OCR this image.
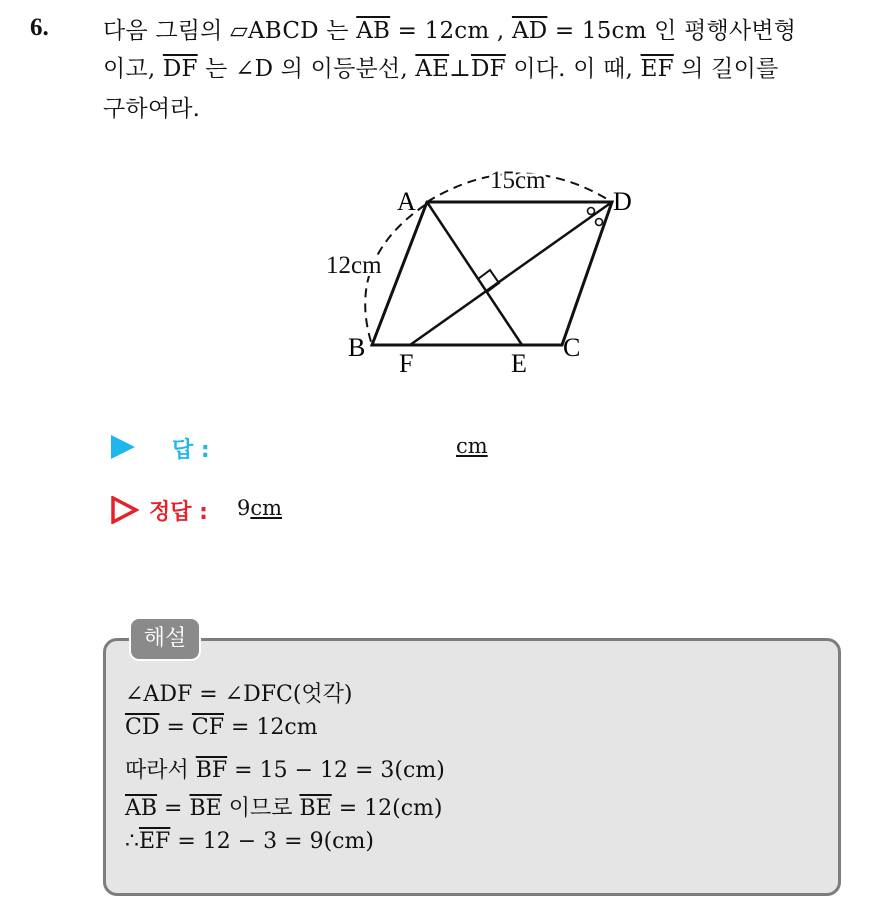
6. 다음 그림의 ▱ABCD 는 $\overline{AB} = 12cm$ , $\overline{AD} = 15cm$ 인 평행사변형
이고, $\overline{DF}$ 는 ∠D 의 이등분선, $\overline{AE}\perp\overline{DF}$ 이다. 이 때, $\overline{EF}$ 의 길이를
구하여라.
A	D
B	C
F	E
15cm
12cm
답 :	cm
정답 : 9cm
해설
∠ADF = ∠DFC(엇각)
$\overline{CD} = \overline{CF} = 12cm$
따라서 $\overline{BF} = 15 - 12 = 3(cm)$
$\overline{AB} = \overline{BE}$ 이므로 $\overline{BE} = 12(cm)$
$\therefore\overline{EF} = 12 - 3 = 9(cm)$
